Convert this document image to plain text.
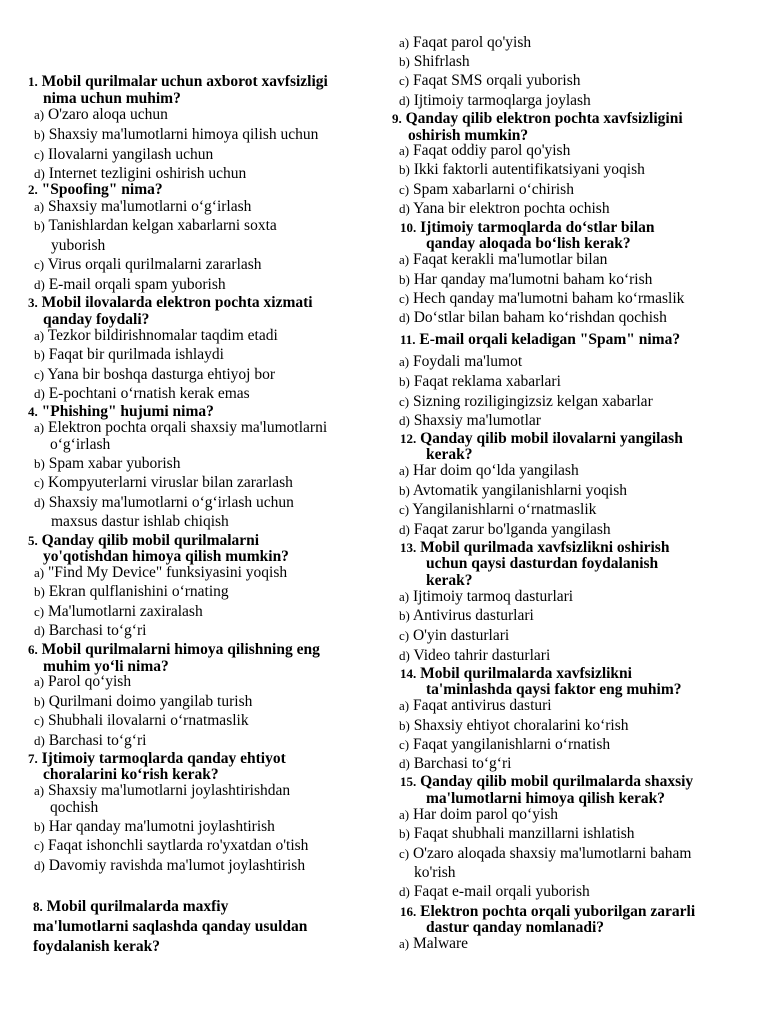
1. Mobil qurilmalar uchun axborot xavfsizligi
nima uchun muhim?
a) O'zaro aloqa uchun
b) Shaxsiy ma'lumotlarni himoya qilish uchun
c) Ilovalarni yangilash uchun
d) Internet tezligini oshirish uchun
2. "Spoofing" nima?
a) Shaxsiy ma'lumotlarni o‘g‘irlash
b) Tanishlardan kelgan xabarlarni soxta
yuborish
c) Virus orqali qurilmalarni zararlash
d) E-mail orqali spam yuborish
3. Mobil ilovalarda elektron pochta xizmati
qanday foydali?
a) Tezkor bildirishnomalar taqdim etadi
b) Faqat bir qurilmada ishlaydi
c) Yana bir boshqa dasturga ehtiyoj bor
d) E-pochtani o‘rnatish kerak emas
4. "Phishing" hujumi nima?
a) Elektron pochta orqali shaxsiy ma'lumotlarni
o‘g‘irlash
b) Spam xabar yuborish
c) Kompyuterlarni viruslar bilan zararlash
d) Shaxsiy ma'lumotlarni o‘g‘irlash uchun
maxsus dastur ishlab chiqish
5. Qanday qilib mobil qurilmalarni
yo'qotishdan himoya qilish mumkin?
a) "Find My Device" funksiyasini yoqish
b) Ekran qulflanishini o‘rnating
c) Ma'lumotlarni zaxiralash
d) Barchasi to‘g‘ri
6. Mobil qurilmalarni himoya qilishning eng
muhim yo‘li nima?
a) Parol qo‘yish
b) Qurilmani doimo yangilab turish
c) Shubhali ilovalarni o‘rnatmaslik
d) Barchasi to‘g‘ri
7. Ijtimoiy tarmoqlarda qanday ehtiyot
choralarini ko‘rish kerak?
a) Shaxsiy ma'lumotlarni joylashtirishdan
qochish
b) Har qanday ma'lumotni joylashtirish
c) Faqat ishonchli saytlarda ro'yxatdan o'tish
d) Davomiy ravishda ma'lumot joylashtirish
8. Mobil qurilmalarda maxfiy
ma'lumotlarni saqlashda qanday usuldan
foydalanish kerak?
a) Faqat parol qo'yish
b) Shifrlash
c) Faqat SMS orqali yuborish
d) Ijtimoiy tarmoqlarga joylash
9. Qanday qilib elektron pochta xavfsizligini
oshirish mumkin?
a) Faqat oddiy parol qo'yish
b) Ikki faktorli autentifikatsiyani yoqish
c) Spam xabarlarni o‘chirish
d) Yana bir elektron pochta ochish
10. Ijtimoiy tarmoqlarda do‘stlar bilan
qanday aloqada bo‘lish kerak?
a) Faqat kerakli ma'lumotlar bilan
b) Har qanday ma'lumotni baham ko‘rish
c) Hech qanday ma'lumotni baham ko‘rmaslik
d) Do‘stlar bilan baham ko‘rishdan qochish
11. E-mail orqali keladigan "Spam" nima?
a) Foydali ma'lumot
b) Faqat reklama xabarlari
c) Sizning roziligingizsiz kelgan xabarlar
d) Shaxsiy ma'lumotlar
12. Qanday qilib mobil ilovalarni yangilash
kerak?
a) Har doim qo‘lda yangilash
b) Avtomatik yangilanishlarni yoqish
c) Yangilanishlarni o‘rnatmaslik
d) Faqat zarur bo'lganda yangilash
13. Mobil qurilmada xavfsizlikni oshirish
uchun qaysi dasturdan foydalanish
kerak?
a) Ijtimoiy tarmoq dasturlari
b) Antivirus dasturlari
c) O'yin dasturlari
d) Video tahrir dasturlari
14. Mobil qurilmalarda xavfsizlikni
ta'minlashda qaysi faktor eng muhim?
a) Faqat antivirus dasturi
b) Shaxsiy ehtiyot choralarini ko‘rish
c) Faqat yangilanishlarni o‘rnatish
d) Barchasi to‘g‘ri
15. Qanday qilib mobil qurilmalarda shaxsiy
ma'lumotlarni himoya qilish kerak?
a) Har doim parol qo‘yish
b) Faqat shubhali manzillarni ishlatish
c) O'zaro aloqada shaxsiy ma'lumotlarni baham
ko'rish
d) Faqat e-mail orqali yuborish
16. Elektron pochta orqali yuborilgan zararli
dastur qanday nomlanadi?
a) Malware
